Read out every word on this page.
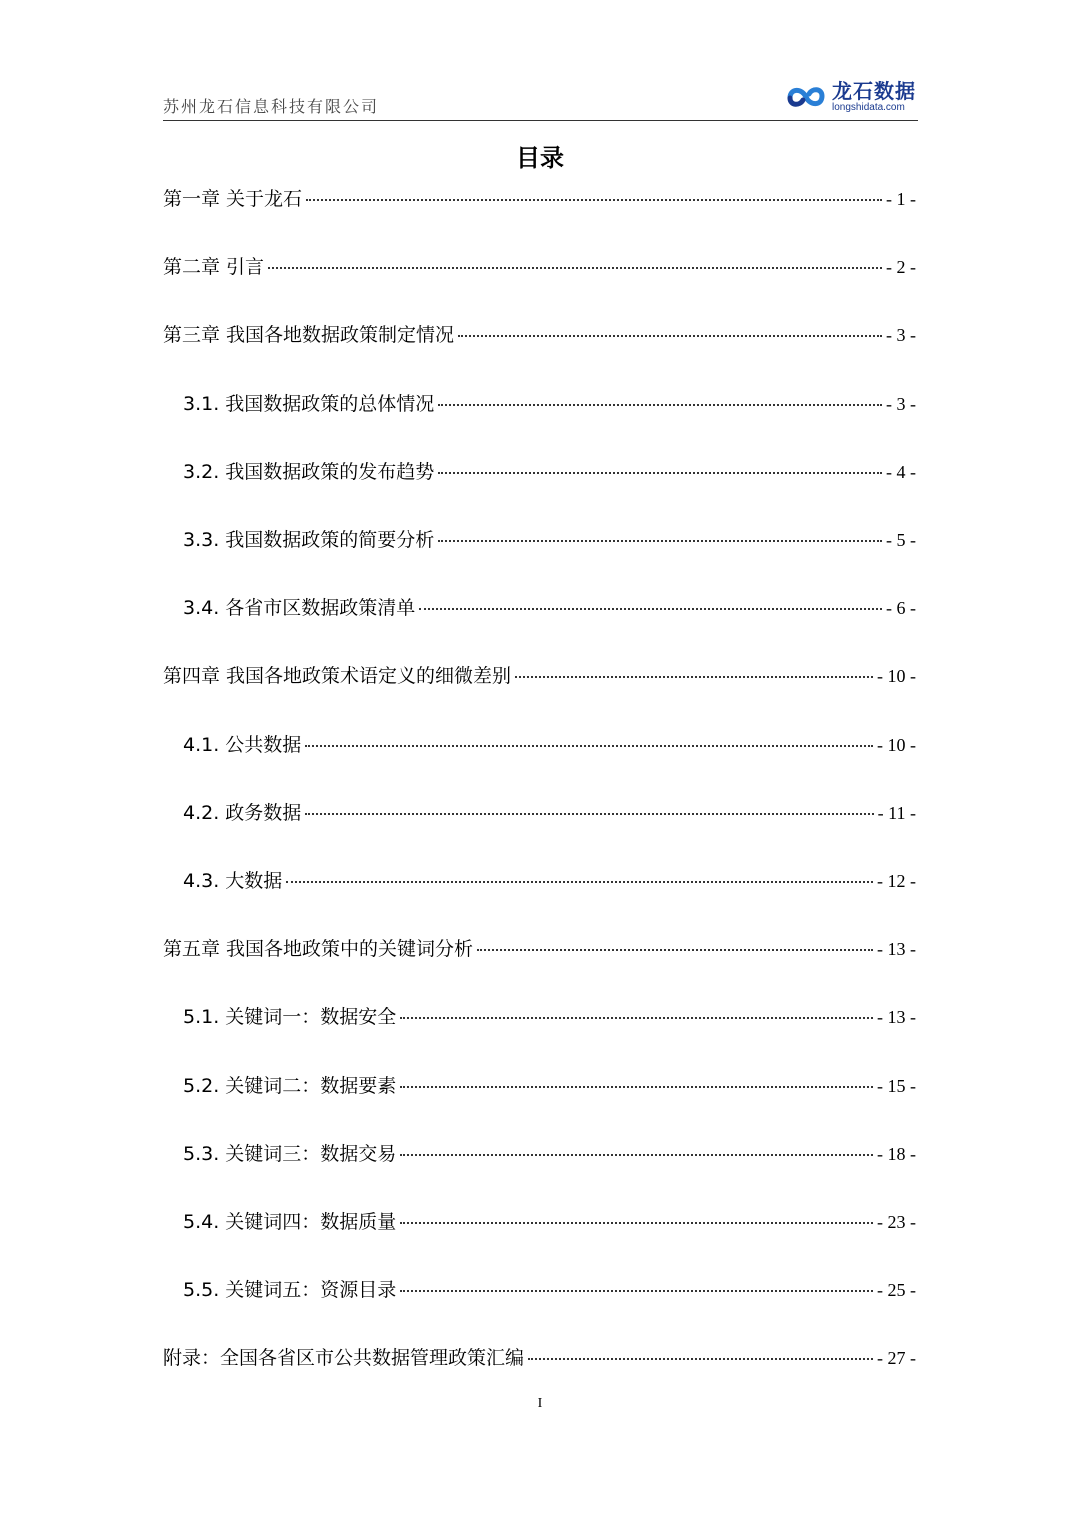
苏州龙石信息科技有限公司
龙石数据
longshidata.com
目录
第一章 关于龙石	- 1 -
第二章 引言	- 2 -
第三章 我国各地数据政策制定情况	- 3 -
3.1. 我国数据政策的总体情况	- 3 -
3.2. 我国数据政策的发布趋势	- 4 -
3.3. 我国数据政策的简要分析	- 5 -
3.4. 各省市区数据政策清单	- 6 -
第四章 我国各地政策术语定义的细微差别	- 10 -
4.1. 公共数据	- 10 -
4.2. 政务数据	- 11 -
4.3. 大数据	- 12 -
第五章 我国各地政策中的关键词分析	- 13 -
5.1. 关键词一：数据安全	- 13 -
5.2. 关键词二：数据要素	- 15 -
5.3. 关键词三：数据交易	- 18 -
5.4. 关键词四：数据质量	- 23 -
5.5. 关键词五：资源目录	- 25 -
附录：全国各省区市公共数据管理政策汇编	- 27 -
I
